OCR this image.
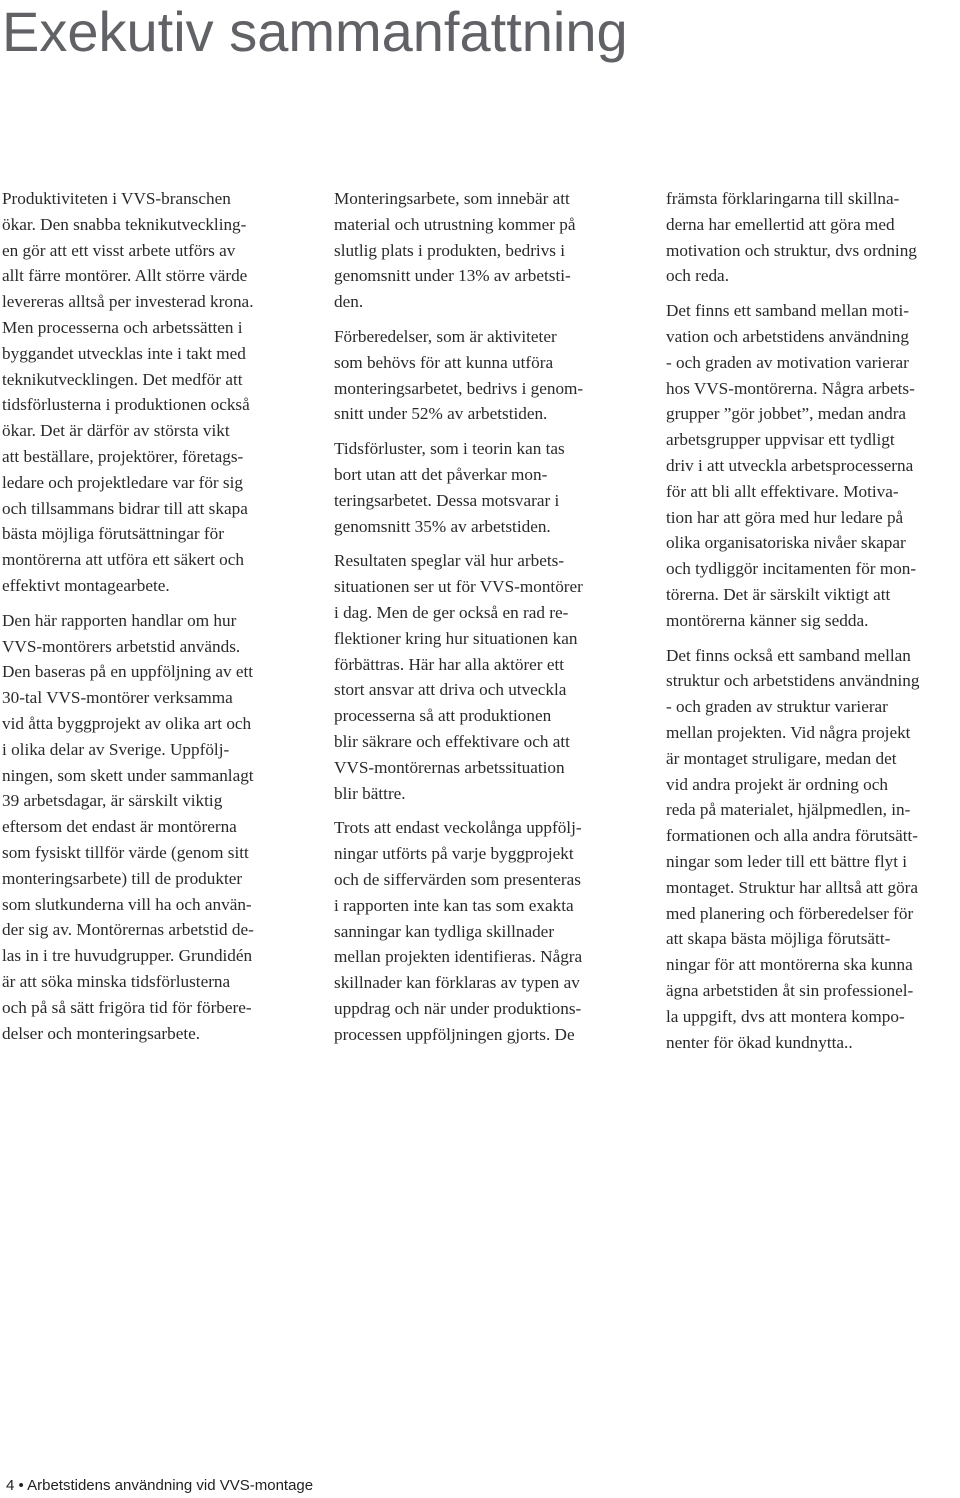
Exekutiv sammanfattning

Produktiviteten i VVS-branschen
ökar. Den snabba teknikutveckling-
en gör att ett visst arbete utförs av
allt färre montörer. Allt större värde
levereras alltså per investerad krona.
Men processerna och arbetssätten i
byggandet utvecklas inte i takt med
teknikutvecklingen. Det medför att
tidsförlusterna i produktionen också
ökar. Det är därför av största vikt
att beställare, projektörer, företags-
ledare och projektledare var för sig
och tillsammans bidrar till att skapa
bästa möjliga förutsättningar för
montörerna att utföra ett säkert och
effektivt montagearbete.

Den här rapporten handlar om hur
VVS-montörers arbetstid används.
Den baseras på en uppföljning av ett
30-tal VVS-montörer verksamma
vid åtta byggprojekt av olika art och
i olika delar av Sverige. Uppfölj-
ningen, som skett under sammanlagt
39 arbetsdagar, är särskilt viktig
eftersom det endast är montörerna
som fysiskt tillför värde (genom sitt
monteringsarbete) till de produkter
som slutkunderna vill ha och använ-
der sig av. Montörernas arbetstid de-
las in i tre huvudgrupper. Grundidén
är att söka minska tidsförlusterna
och på så sätt frigöra tid för förbere-
delser och monteringsarbete.

Monteringsarbete, som innebär att
material och utrustning kommer på
slutlig plats i produkten, bedrivs i
genomsnitt under 13% av arbetsti-
den.

Förberedelser, som är aktiviteter
som behövs för att kunna utföra
monteringsarbetet, bedrivs i genom-
snitt under 52% av arbetstiden.

Tidsförluster, som i teorin kan tas
bort utan att det påverkar mon-
teringsarbetet. Dessa motsvarar i
genomsnitt 35% av arbetstiden.

Resultaten speglar väl hur arbets-
situationen ser ut för VVS-montörer
i dag. Men de ger också en rad re-
flektioner kring hur situationen kan
förbättras. Här har alla aktörer ett
stort ansvar att driva och utveckla
processerna så att produktionen
blir säkrare och effektivare och att
VVS-montörernas arbetssituation
blir bättre.

Trots att endast veckolånga uppfölj-
ningar utförts på varje byggprojekt
och de siffervärden som presenteras
i rapporten inte kan tas som exakta
sanningar kan tydliga skillnader
mellan projekten identifieras. Några
skillnader kan förklaras av typen av
uppdrag och när under produktions-
processen uppföljningen gjorts. De

främsta förklaringarna till skillna-
derna har emellertid att göra med
motivation och struktur, dvs ordning
och reda.

Det finns ett samband mellan moti-
vation och arbetstidens användning
- och graden av motivation varierar
hos VVS-montörerna. Några arbets-
grupper ”gör jobbet”, medan andra
arbetsgrupper uppvisar ett tydligt
driv i att utveckla arbetsprocesserna
för att bli allt effektivare. Motiva-
tion har att göra med hur ledare på
olika organisatoriska nivåer skapar
och tydliggör incitamenten för mon-
törerna. Det är särskilt viktigt att
montörerna känner sig sedda.

Det finns också ett samband mellan
struktur och arbetstidens användning
- och graden av struktur varierar
mellan projekten. Vid några projekt
är montaget struligare, medan det
vid andra projekt är ordning och
reda på materialet, hjälpmedlen, in-
formationen och alla andra förutsätt-
ningar som leder till ett bättre flyt i
montaget. Struktur har alltså att göra
med planering och förberedelser för
att skapa bästa möjliga förutsätt-
ningar för att montörerna ska kunna
ägna arbetstiden åt sin professionel-
la uppgift, dvs att montera kompo-
nenter för ökad kundnytta..

4 • Arbetstidens användning vid VVS-montage
